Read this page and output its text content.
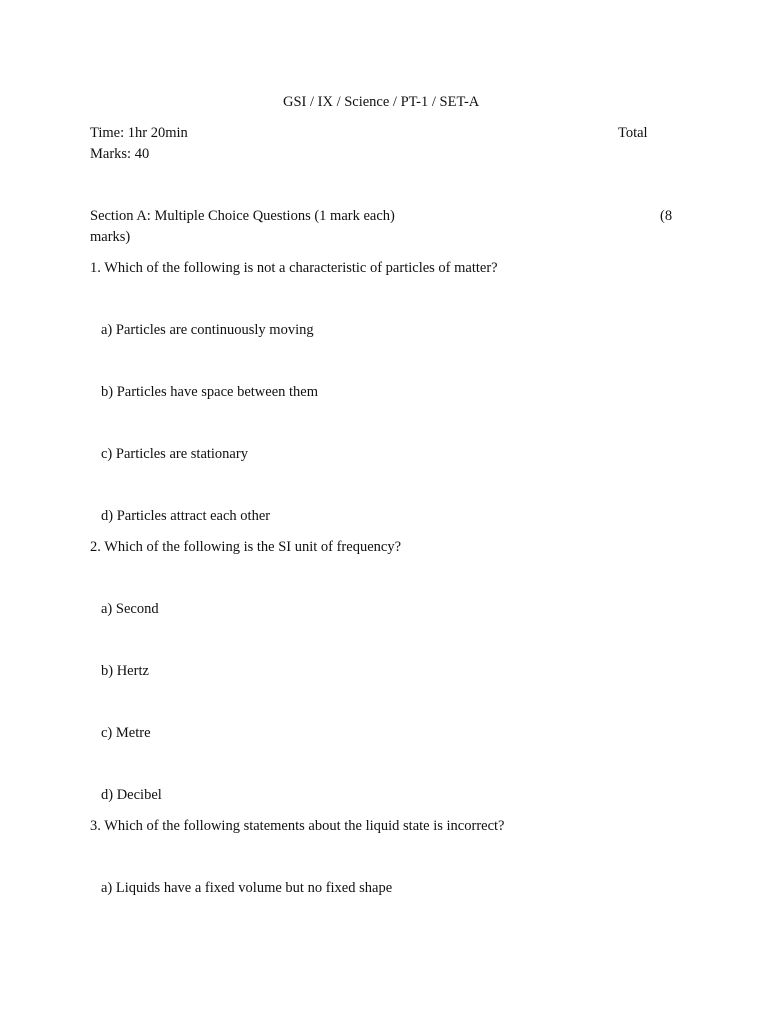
GSI / IX / Science / PT-1 / SET-A
Time: 1hr 20min	Total
Marks: 40
Section A: Multiple Choice Questions (1 mark each)	(8
marks)
1. Which of the following is not a characteristic of particles of matter?
a) Particles are continuously moving
b) Particles have space between them
c) Particles are stationary
d) Particles attract each other
2. Which of the following is the SI unit of frequency?
a) Second
b) Hertz
c) Metre
d) Decibel
3. Which of the following statements about the liquid state is incorrect?
a) Liquids have a fixed volume but no fixed shape
